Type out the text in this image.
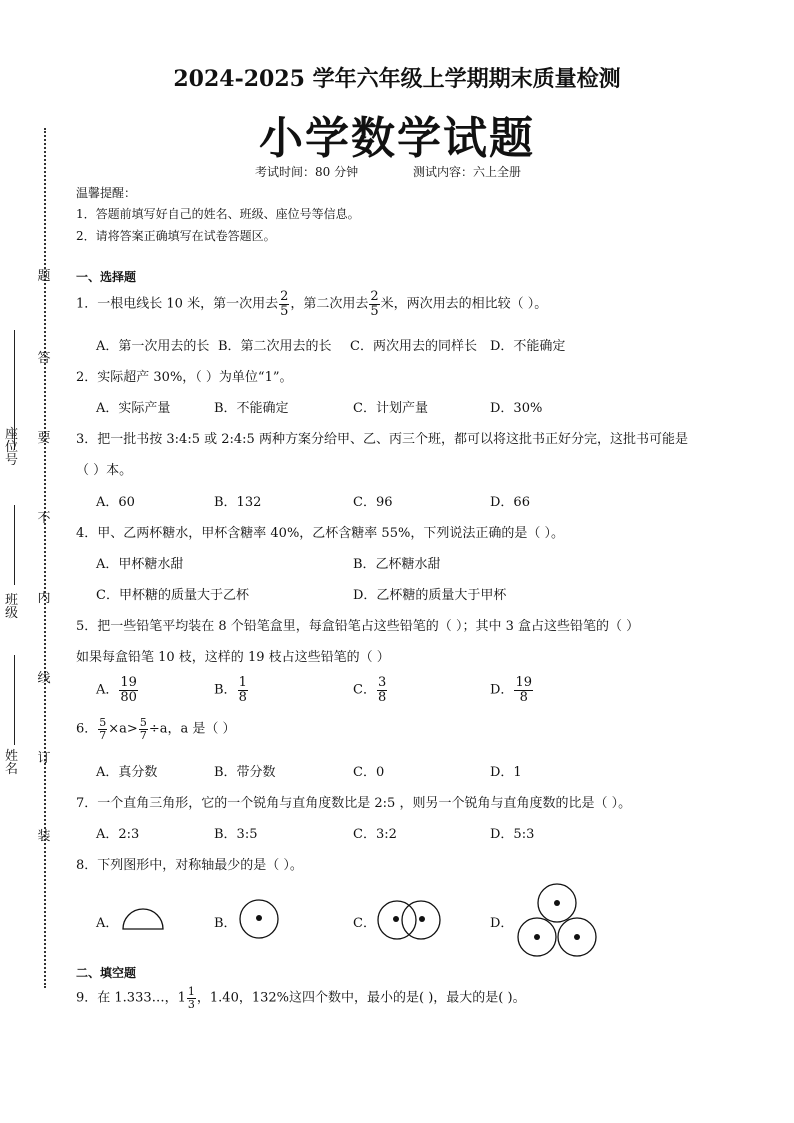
题
答
要
不
内
线
订
装
座位号
班级
姓名
2024-2025 学年六年级上学期期末质量检测
小学数学试题
考试时间：80 分钟	测试内容：六上全册
温馨提醒：
1．答题前填写好自己的姓名、班级、座位号等信息。
2．请将答案正确填写在试卷答题区。
一、选择题
1．一根电线长 10 米，第一次用去 $\frac{2}{5}$ ，第二次用去 $\frac{2}{5}$ 米，两次用去的相比较（ ）。
A．第一次用去的长 B．第二次用去的长 C．两次用去的同样长 D．不能确定
2．实际超产 30%，（ ）为单位“1”。
A．实际产量	B．不能确定	C．计划产量	D．30%
3．把一批书按 3:4:5 或 2:4:5 两种方案分给甲、乙、丙三个班，都可以将这批书正好分完，这批书可能是
（ ）本。
A．60	B．132	C．96	D．66
4．甲、乙两杯糖水，甲杯含糖率 40%，乙杯含糖率 55%，下列说法正确的是（ ）。
A．甲杯糖水甜	B．乙杯糖水甜
C．甲杯糖的质量大于乙杯	D．乙杯糖的质量大于甲杯
5．把一些铅笔平均装在 8 个铅笔盒里，每盒铅笔占这些铅笔的（ ）；其中 3 盒占这些铅笔的（ ）
如果每盒铅笔 10 枝，这样的 19 枝占这些铅笔的（ ）
A． $\frac{19}{80}$	B． $\frac{1}{8}$	C． $\frac{3}{8}$	D． $\frac{19}{8}$
6． $\frac{5}{7} \times a> \frac{5}{7} \div a$，a 是（ ）
A．真分数	B．带分数	C．0	D．1
7．一个直角三角形，它的一个锐角与直角度数比是 2:5 ，则另一个锐角与直角度数的比是（ ）。
A．2:3	B．3:5	C．3:2	D．5:3
8．下列图形中，对称轴最少的是（ ）。
A．	B．	C．	D．
二、填空题
9．在 1.333…，$1 \frac{1}{3}$ ，1.40，132%这四个数中，最小的是( )，最大的是( )。
